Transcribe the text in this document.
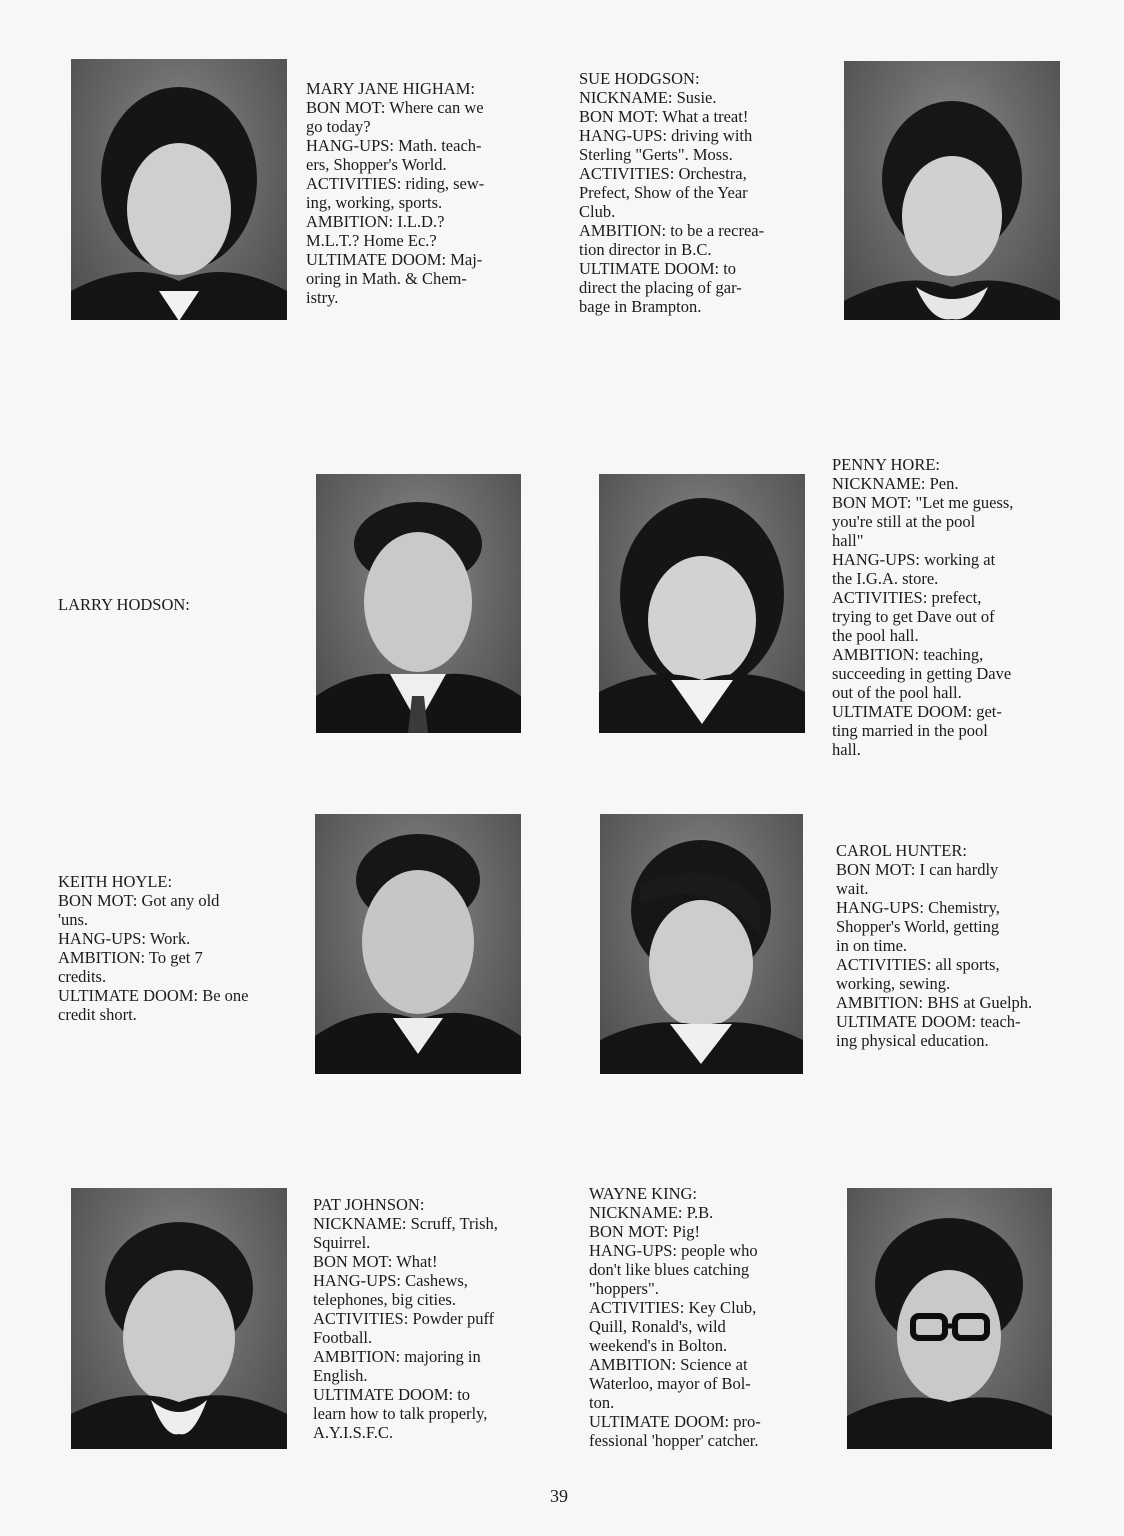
MARY JANE HIGHAM:
BON MOT: Where can we
go today?
HANG-UPS: Math. teach-
ers, Shopper's World.
ACTIVITIES: riding, sew-
ing, working, sports.
AMBITION: I.L.D.?
M.L.T.? Home Ec.?
ULTIMATE DOOM: Maj-
oring in Math. & Chem-
istry.
SUE HODGSON:
NICKNAME: Susie.
BON MOT: What a treat!
HANG-UPS: driving with
Sterling "Gerts". Moss.
ACTIVITIES: Orchestra,
Prefect, Show of the Year
Club.
AMBITION: to be a recrea-
tion director in B.C.
ULTIMATE DOOM: to
direct the placing of gar-
bage in Brampton.
LARRY HODSON:
PENNY HORE:
NICKNAME: Pen.
BON MOT: "Let me guess,
you're still at the pool
hall"
HANG-UPS: working at
the I.G.A. store.
ACTIVITIES: prefect,
trying to get Dave out of
the pool hall.
AMBITION: teaching,
succeeding in getting Dave
out of the pool hall.
ULTIMATE DOOM: get-
ting married in the pool
hall.
KEITH HOYLE:
BON MOT: Got any old
'uns.
HANG-UPS: Work.
AMBITION: To get 7
credits.
ULTIMATE DOOM: Be one
credit short.
CAROL HUNTER:
BON MOT: I can hardly
wait.
HANG-UPS: Chemistry,
Shopper's World, getting
in on time.
ACTIVITIES: all sports,
working, sewing.
AMBITION: BHS at Guelph.
ULTIMATE DOOM: teach-
ing physical education.
PAT JOHNSON:
NICKNAME: Scruff, Trish,
Squirrel.
BON MOT: What!
HANG-UPS: Cashews,
telephones, big cities.
ACTIVITIES: Powder puff
Football.
AMBITION: majoring in
English.
ULTIMATE DOOM: to
learn how to talk properly,
A.Y.I.S.F.C.
WAYNE KING:
NICKNAME: P.B.
BON MOT: Pig!
HANG-UPS: people who
don't like blues catching
"hoppers".
ACTIVITIES: Key Club,
Quill, Ronald's, wild
weekend's in Bolton.
AMBITION: Science at
Waterloo, mayor of Bol-
ton.
ULTIMATE DOOM: pro-
fessional 'hopper' catcher.
39
